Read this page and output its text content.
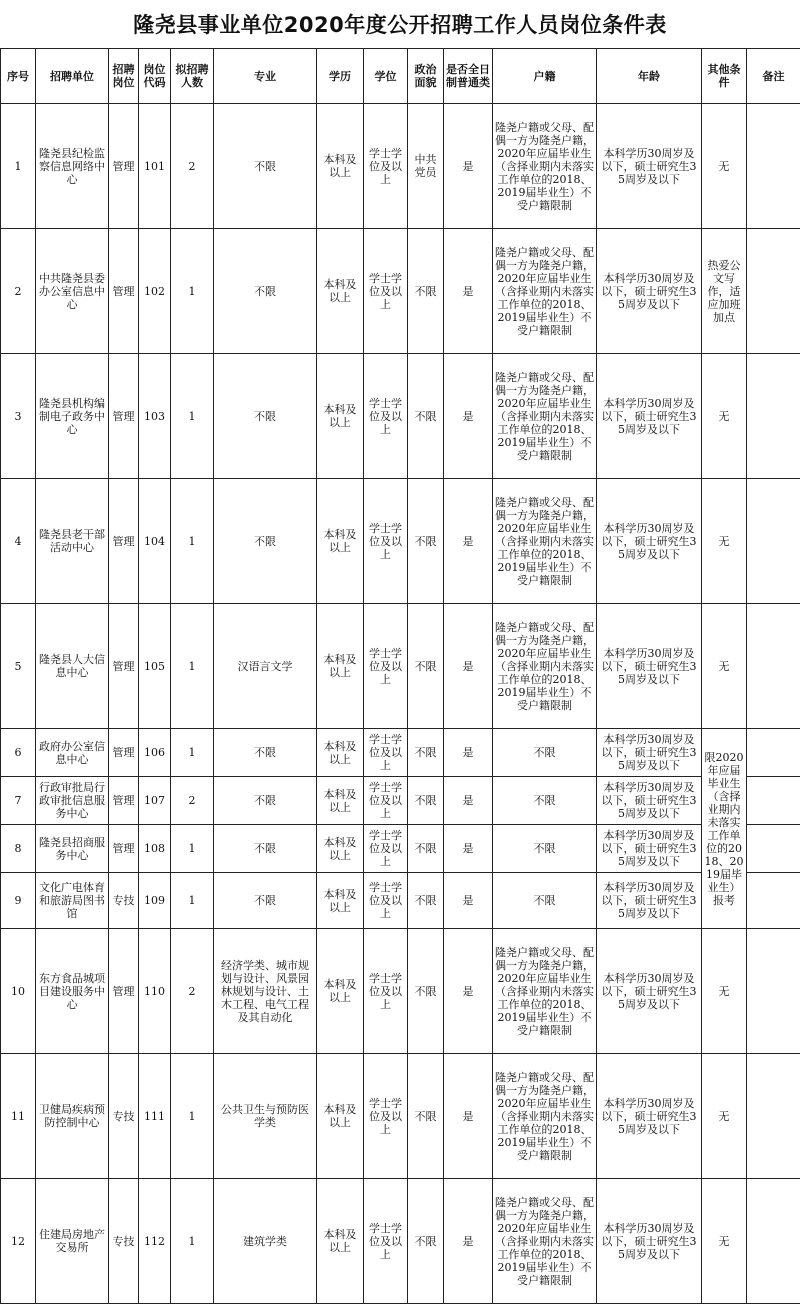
隆尧县事业单位2020年度公开招聘工作人员岗位条件表
序号	招聘单位	招聘岗位	岗位代码	拟招聘人数	专业	学历	学位	政治面貌	是否全日制普通类	户籍	年龄	其他条件	备注
1	隆尧县纪检监察信息网络中心	管理	101	2	不限	本科及以上	学士学位及以上	中共党员	是	隆尧户籍或父母、配偶一方为隆尧户籍，2020年应届毕业生（含择业期内未落实工作单位的2018、2019届毕业生）不受户籍限制	本科学历30周岁及以下，硕士研究生35周岁及以下	无	
2	中共隆尧县委办公室信息中心	管理	102	1	不限	本科及以上	学士学位及以上	不限	是	隆尧户籍或父母、配偶一方为隆尧户籍，2020年应届毕业生（含择业期内未落实工作单位的2018、2019届毕业生）不受户籍限制	本科学历30周岁及以下，硕士研究生35周岁及以下	热爱公文写作，适应加班加点	
3	隆尧县机构编制电子政务中心	管理	103	1	不限	本科及以上	学士学位及以上	不限	是	隆尧户籍或父母、配偶一方为隆尧户籍，2020年应届毕业生（含择业期内未落实工作单位的2018、2019届毕业生）不受户籍限制	本科学历30周岁及以下，硕士研究生35周岁及以下	无	
4	隆尧县老干部活动中心	管理	104	1	不限	本科及以上	学士学位及以上	不限	是	隆尧户籍或父母、配偶一方为隆尧户籍，2020年应届毕业生（含择业期内未落实工作单位的2018、2019届毕业生）不受户籍限制	本科学历30周岁及以下，硕士研究生35周岁及以下	无	
5	隆尧县人大信息中心	管理	105	1	汉语言文学	本科及以上	学士学位及以上	不限	是	隆尧户籍或父母、配偶一方为隆尧户籍，2020年应届毕业生（含择业期内未落实工作单位的2018、2019届毕业生）不受户籍限制	本科学历30周岁及以下，硕士研究生35周岁及以下	无	
6	政府办公室信息中心	管理	106	1	不限	本科及以上	学士学位及以上	不限	是	不限	本科学历30周岁及以下，硕士研究生35周岁及以下	限2020年应届毕业生（含择业期内未落实工作单位的2018、2019届毕业生）报考	
7	行政审批局行政审批信息服务中心	管理	107	2	不限	本科及以上	学士学位及以上	不限	是	不限	本科学历30周岁及以下，硕士研究生35周岁及以下		
8	隆尧县招商服务中心	管理	108	1	不限	本科及以上	学士学位及以上	不限	是	不限	本科学历30周岁及以下，硕士研究生35周岁及以下		
9	文化广电体育和旅游局图书馆	专技	109	1	不限	本科及以上	学士学位及以上	不限	是	不限	本科学历30周岁及以下，硕士研究生35周岁及以下		
10	东方食品城项目建设服务中心	管理	110	2	经济学类、城市规划与设计、风景园林规划与设计、土木工程、电气工程及其自动化	本科及以上	学士学位及以上	不限	是	隆尧户籍或父母、配偶一方为隆尧户籍，2020年应届毕业生（含择业期内未落实工作单位的2018、2019届毕业生）不受户籍限制	本科学历30周岁及以下，硕士研究生35周岁及以下	无	
11	卫健局疾病预防控制中心	专技	111	1	公共卫生与预防医学类	本科及以上	学士学位及以上	不限	是	隆尧户籍或父母、配偶一方为隆尧户籍，2020年应届毕业生（含择业期内未落实工作单位的2018、2019届毕业生）不受户籍限制	本科学历30周岁及以下，硕士研究生35周岁及以下	无	
12	住建局房地产交易所	专技	112	1	建筑学类	本科及以上	学士学位及以上	不限	是	隆尧户籍或父母、配偶一方为隆尧户籍，2020年应届毕业生（含择业期内未落实工作单位的2018、2019届毕业生）不受户籍限制	本科学历30周岁及以下，硕士研究生35周岁及以下	无	
